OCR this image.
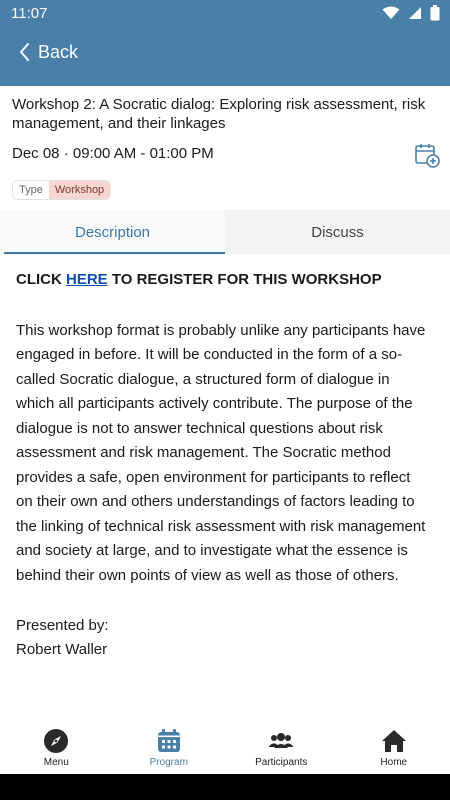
11:07
Back
Workshop 2: A Socratic dialog: Exploring risk assessment, risk management, and their linkages
Dec 08 · 09:00 AM - 01:00 PM
Type	Workshop
Description	Discuss
CLICK HERE TO REGISTER FOR THIS WORKSHOP

This workshop format is probably unlike any participants have engaged in before. It will be conducted in the form of a so-called Socratic dialogue, a structured form of dialogue in which all participants actively contribute. The purpose of the dialogue is not to answer technical questions about risk assessment and risk management. The Socratic method provides a safe, open environment for participants to reflect on their own and others understandings of factors leading to the linking of technical risk assessment with risk management and society at large, and to investigate what the essence is behind their own points of view as well as those of others.

Presented by:
Robert Waller
Menu	Program	Participants	Home
